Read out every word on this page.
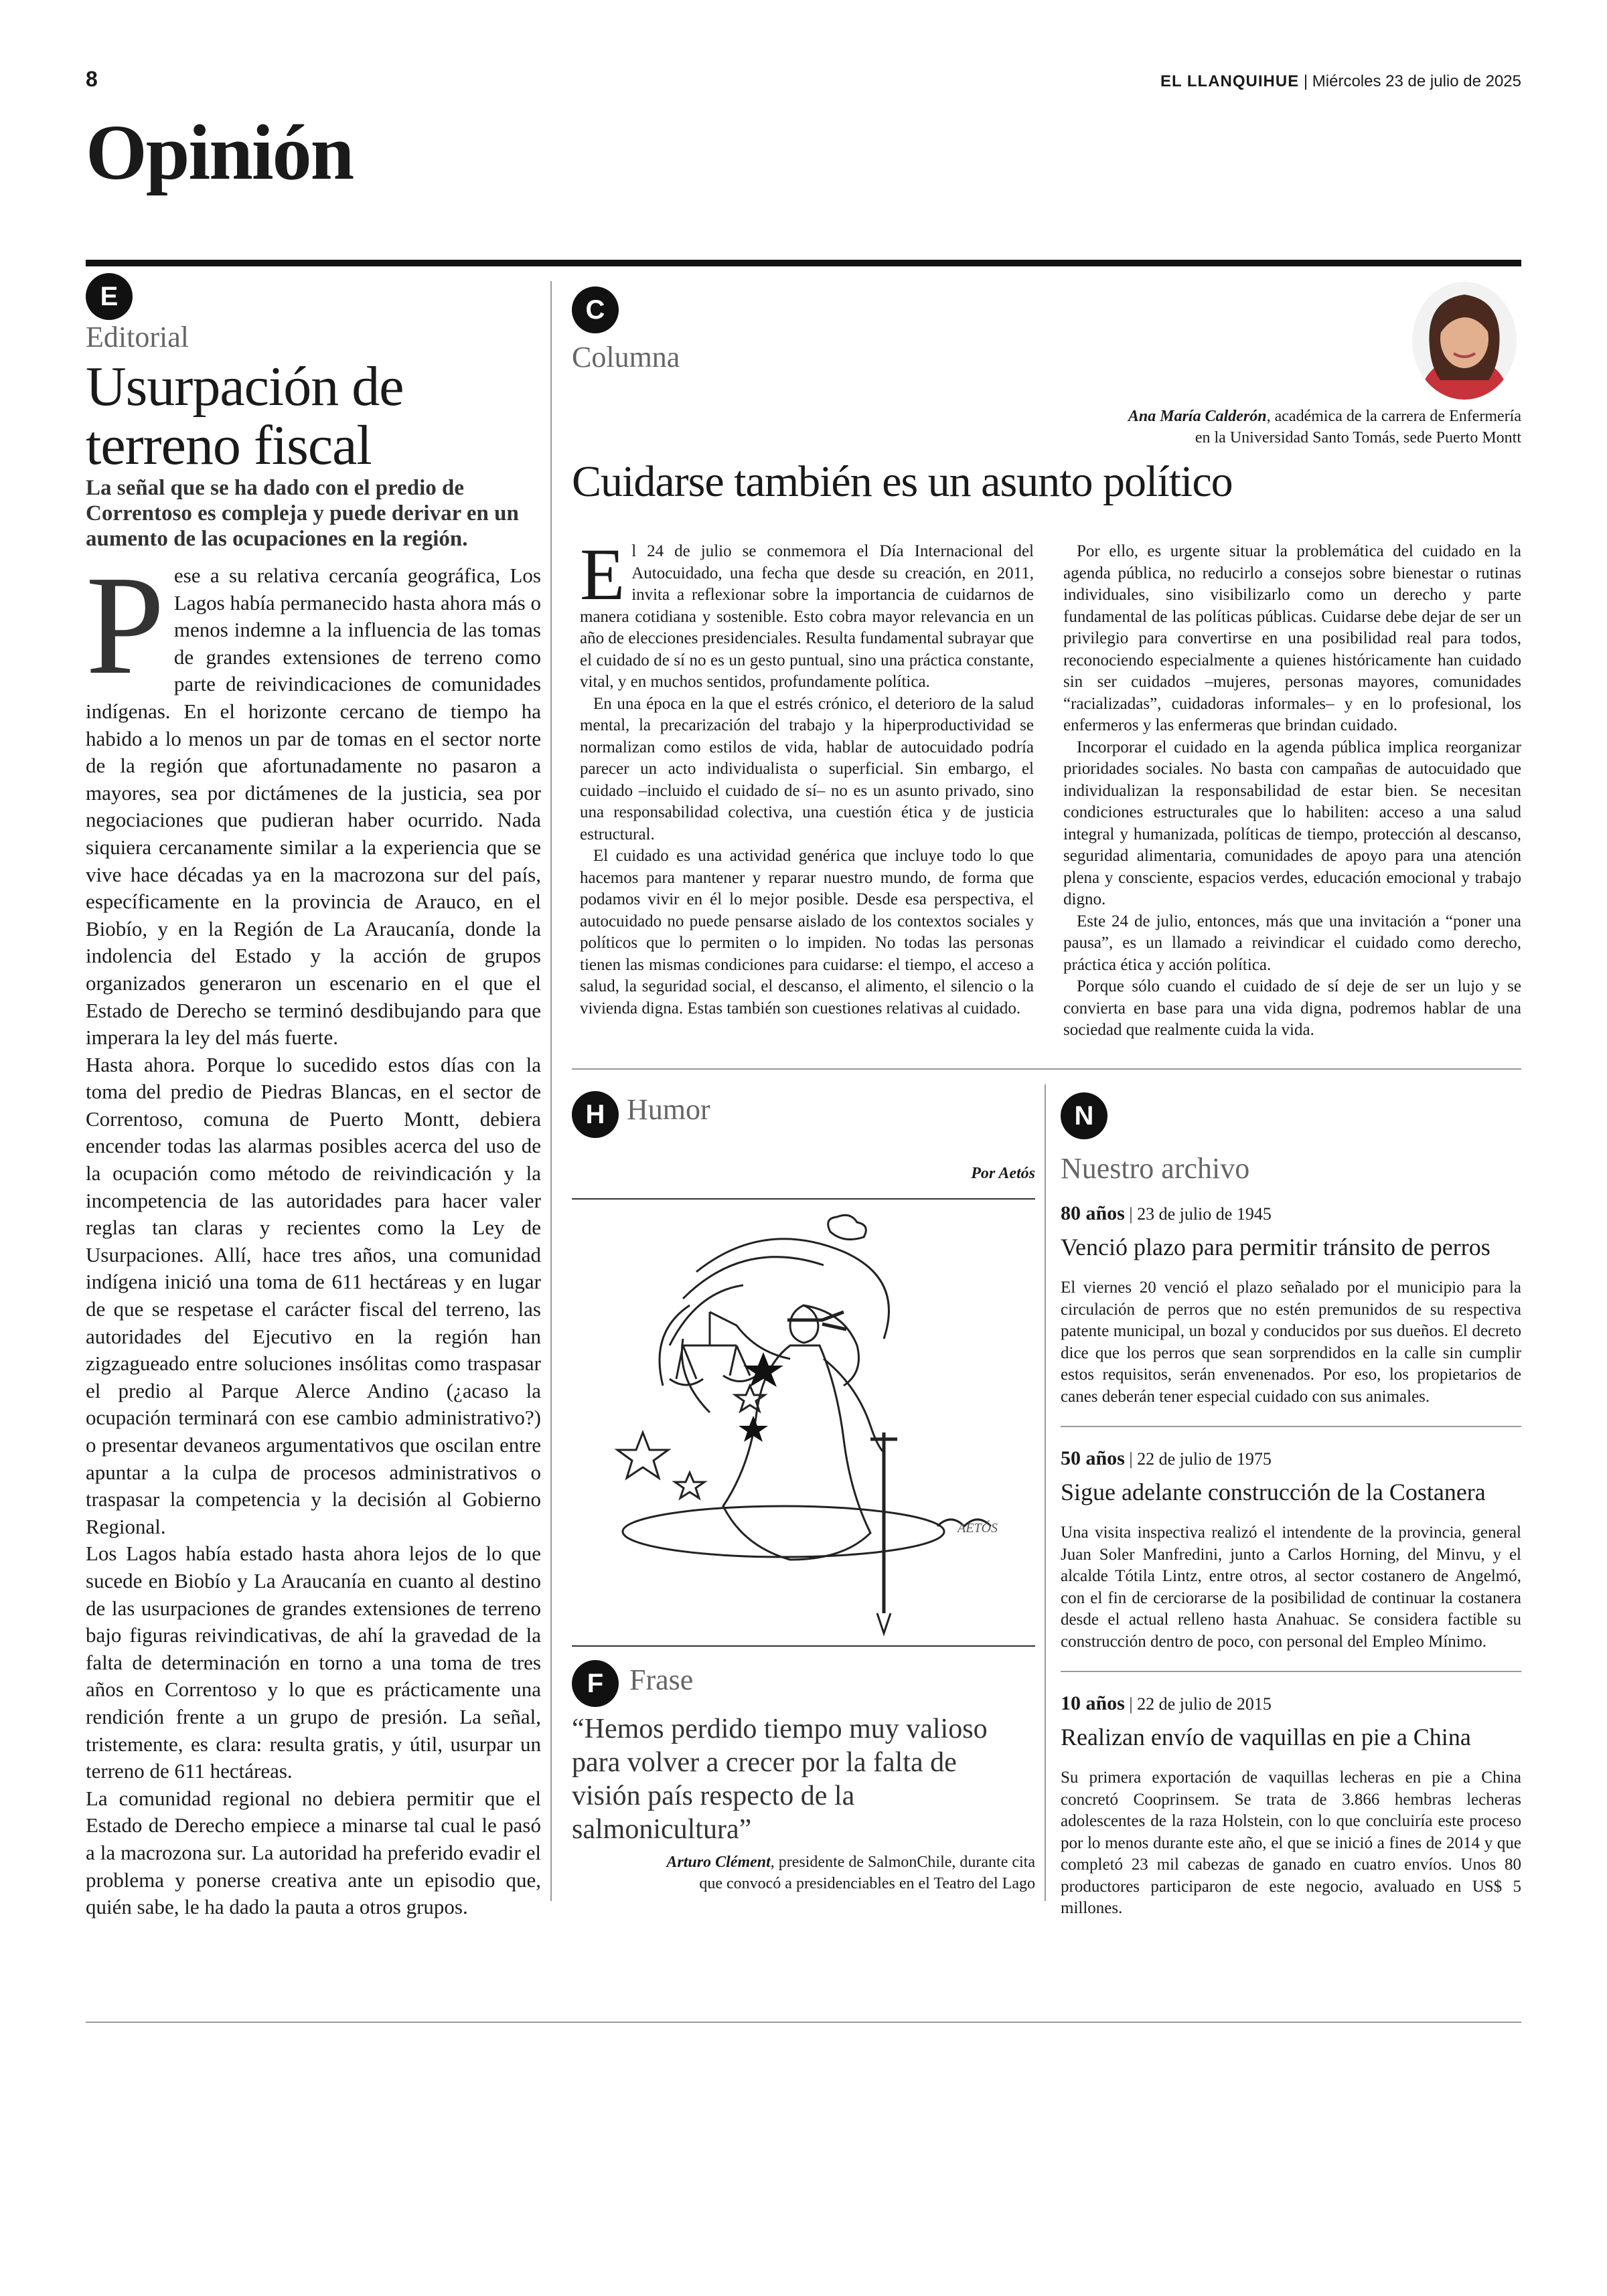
8	EL LLANQUIHUE | Miércoles 23 de julio de 2025
Opinión
E
Editorial
Usurpación de terreno fiscal
La señal que se ha dado con el predio de Correntoso es compleja y puede derivar en un aumento de las ocupaciones en la región.

Pese a su relativa cercanía geográfica, Los Lagos había permanecido hasta ahora más o menos indemne a la influencia de las tomas de grandes extensiones de terreno como parte de reivindicaciones de comunidades indígenas. En el horizonte cercano de tiempo ha habido a lo menos un par de tomas en el sector norte de la región que afortunadamente no pasaron a mayores, sea por dictámenes de la justicia, sea por negociaciones que pudieran haber ocurrido. Nada siquiera cercanamente similar a la experiencia que se vive hace décadas ya en la macrozona sur del país, específicamente en la provincia de Arauco, en el Biobío, y en la Región de La Araucanía, donde la indolencia del Estado y la acción de grupos organizados generaron un escenario en el que el Estado de Derecho se terminó desdibujando para que imperara la ley del más fuerte.

Hasta ahora. Porque lo sucedido estos días con la toma del predio de Piedras Blancas, en el sector de Correntoso, comuna de Puerto Montt, debiera encender todas las alarmas posibles acerca del uso de la ocupación como método de reivindicación y la incompetencia de las autoridades para hacer valer reglas tan claras y recientes como la Ley de Usurpaciones. Allí, hace tres años, una comunidad indígena inició una toma de 611 hectáreas y en lugar de que se respetase el carácter fiscal del terreno, las autoridades del Ejecutivo en la región han zigzagueado entre soluciones insólitas como traspasar el predio al Parque Alerce Andino (¿acaso la ocupación terminará con ese cambio administrativo?) o presentar devaneos argumentativos que oscilan entre apuntar a la culpa de procesos administrativos o traspasar la competencia y la decisión al Gobierno Regional.

Los Lagos había estado hasta ahora lejos de lo que sucede en Biobío y La Araucanía en cuanto al destino de las usurpaciones de grandes extensiones de terreno bajo figuras reivindicativas, de ahí la gravedad de la falta de determinación en torno a una toma de tres años en Correntoso y lo que es prácticamente una rendición frente a un grupo de presión. La señal, tristemente, es clara: resulta gratis, y útil, usurpar un terreno de 611 hectáreas.

La comunidad regional no debiera permitir que el Estado de Derecho empiece a minarse tal cual le pasó a la macrozona sur. La autoridad ha preferido evadir el problema y ponerse creativa ante un episodio que, quién sabe, le ha dado la pauta a otros grupos.

C
Columna
Ana María Calderón, académica de la carrera de Enfermería
en la Universidad Santo Tomás, sede Puerto Montt
Cuidarse también es un asunto político

El 24 de julio se conmemora el Día Internacional del Autocuidado, una fecha que desde su creación, en 2011, invita a reflexionar sobre la importancia de cuidarnos de manera cotidiana y sostenible. Esto cobra mayor relevancia en un año de elecciones presidenciales. Resulta fundamental subrayar que el cuidado de sí no es un gesto puntual, sino una práctica constante, vital, y en muchos sentidos, profundamente política.

En una época en la que el estrés crónico, el deterioro de la salud mental, la precarización del trabajo y la hiperproductividad se normalizan como estilos de vida, hablar de autocuidado podría parecer un acto individualista o superficial. Sin embargo, el cuidado –incluido el cuidado de sí– no es un asunto privado, sino una responsabilidad colectiva, una cuestión ética y de justicia estructural.

El cuidado es una actividad genérica que incluye todo lo que hacemos para mantener y reparar nuestro mundo, de forma que podamos vivir en él lo mejor posible. Desde esa perspectiva, el autocuidado no puede pensarse aislado de los contextos sociales y políticos que lo permiten o lo impiden. No todas las personas tienen las mismas condiciones para cuidarse: el tiempo, el acceso a salud, la seguridad social, el descanso, el alimento, el silencio o la vivienda digna. Estas también son cuestiones relativas al cuidado.

Por ello, es urgente situar la problemática del cuidado en la agenda pública, no reducirlo a consejos sobre bienestar o rutinas individuales, sino visibilizarlo como un derecho y parte fundamental de las políticas públicas. Cuidarse debe dejar de ser un privilegio para convertirse en una posibilidad real para todos, reconociendo especialmente a quienes históricamente han cuidado sin ser cuidados –mujeres, personas mayores, comunidades “racializadas”, cuidadoras informales– y en lo profesional, los enfermeros y las enfermeras que brindan cuidado.

Incorporar el cuidado en la agenda pública implica reorganizar prioridades sociales. No basta con campañas de autocuidado que individualizan la responsabilidad de estar bien. Se necesitan condiciones estructurales que lo habiliten: acceso a una salud integral y humanizada, políticas de tiempo, protección al descanso, seguridad alimentaria, comunidades de apoyo para una atención plena y consciente, espacios verdes, educación emocional y trabajo digno.

Este 24 de julio, entonces, más que una invitación a “poner una pausa”, es un llamado a reivindicar el cuidado como derecho, práctica ética y acción política.

Porque sólo cuando el cuidado de sí deje de ser un lujo y se convierta en base para una vida digna, podremos hablar de una sociedad que realmente cuida la vida.

H Humor
Por Aetós
AETÓS
F Frase
“Hemos perdido tiempo muy valioso para volver a crecer por la falta de visión país respecto de la salmonicultura”
Arturo Clément, presidente de SalmonChile, durante cita
que convocó a presidenciables en el Teatro del Lago
N
Nuestro archivo
80 años | 23 de julio de 1945
Venció plazo para permitir tránsito de perros
El viernes 20 venció el plazo señalado por el municipio para la circulación de perros que no estén premunidos de su respectiva patente municipal, un bozal y conducidos por sus dueños. El decreto dice que los perros que sean sorprendidos en la calle sin cumplir estos requisitos, serán envenenados. Por eso, los propietarios de canes deberán tener especial cuidado con sus animales.
50 años | 22 de julio de 1975
Sigue adelante construcción de la Costanera
Una visita inspectiva realizó el intendente de la provincia, general Juan Soler Manfredini, junto a Carlos Horning, del Minvu, y el alcalde Tótila Lintz, entre otros, al sector costanero de Angelmó, con el fin de cerciorarse de la posibilidad de continuar la costanera desde el actual relleno hasta Anahuac. Se considera factible su construcción dentro de poco, con personal del Empleo Mínimo.
10 años | 22 de julio de 2015
Realizan envío de vaquillas en pie a China
Su primera exportación de vaquillas lecheras en pie a China concretó Cooprinsem. Se trata de 3.866 hembras lecheras adolescentes de la raza Holstein, con lo que concluiría este proceso por lo menos durante este año, el que se inició a fines de 2014 y que completó 23 mil cabezas de ganado en cuatro envíos. Unos 80 productores participaron de este negocio, avaluado en US$ 5 millones.
